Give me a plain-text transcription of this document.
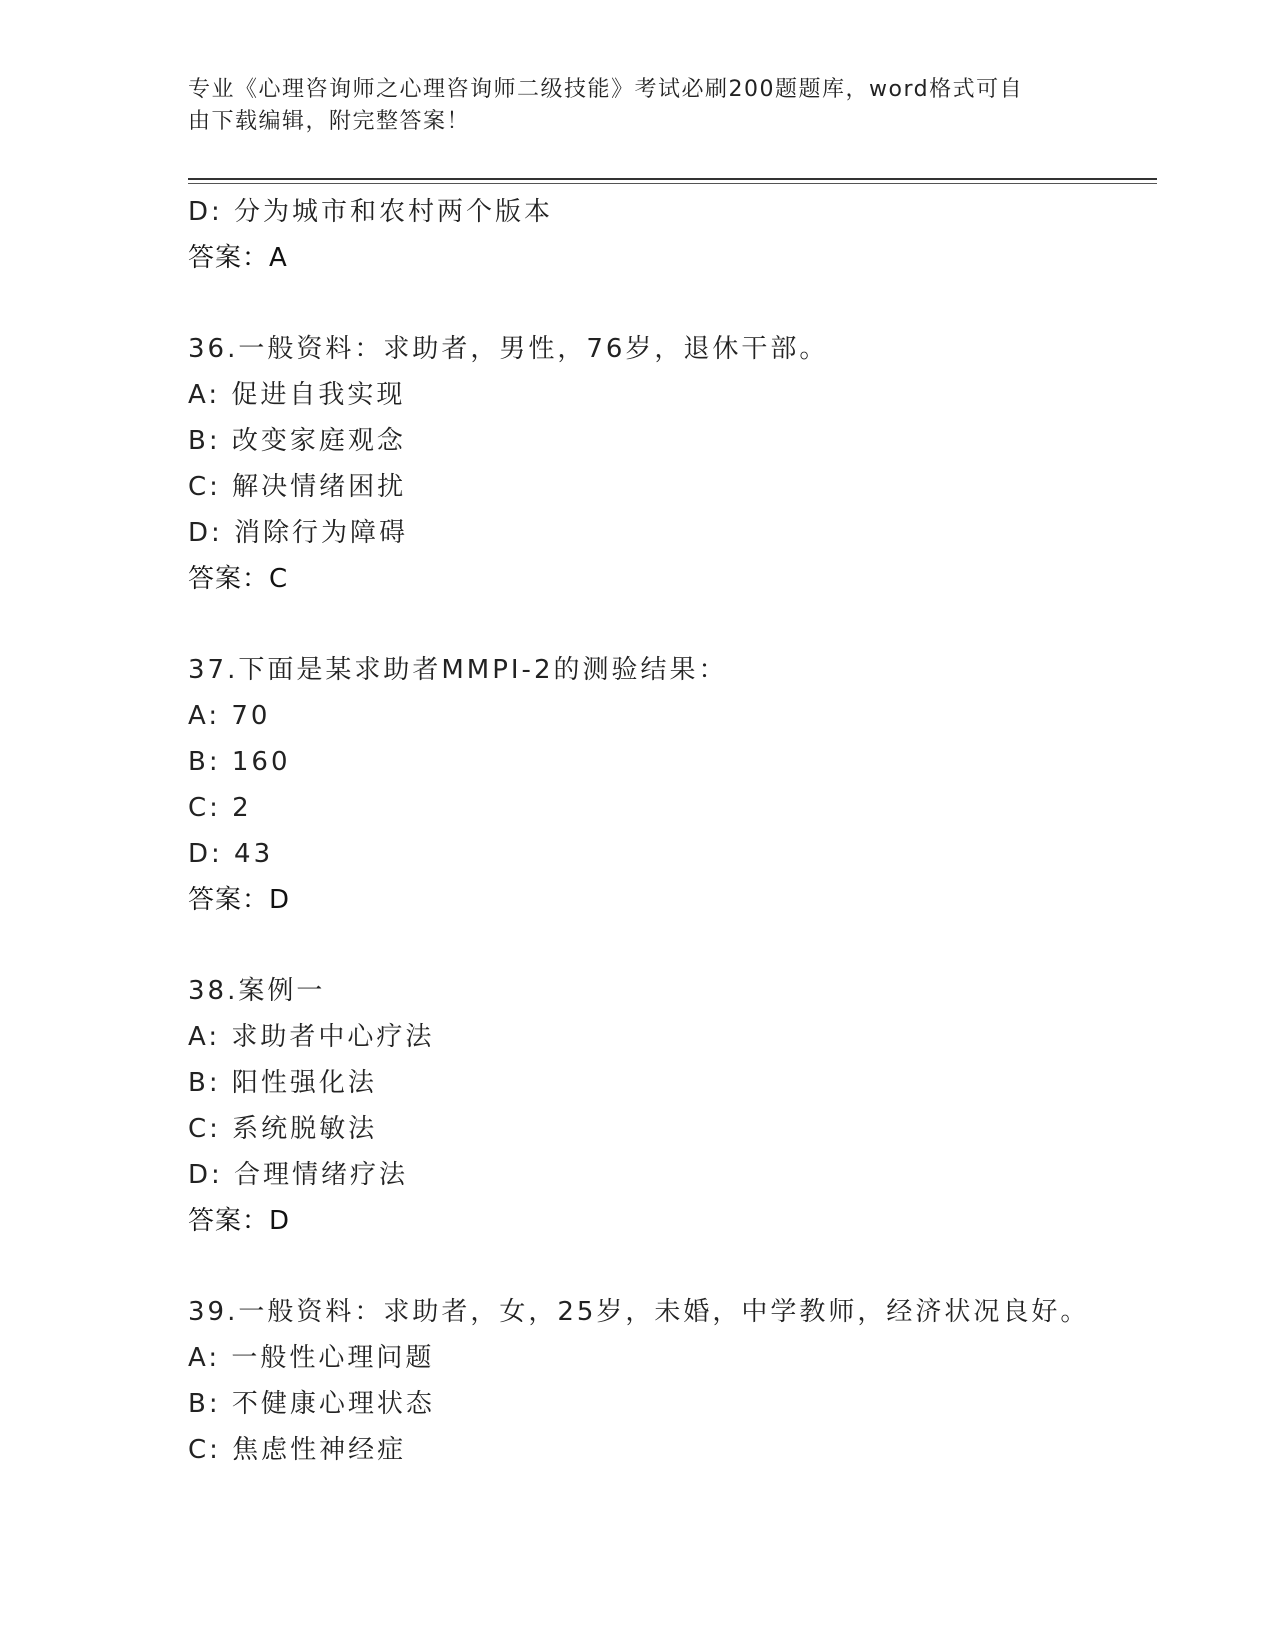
专业《心理咨询师之心理咨询师二级技能》考试必刷200题题库，word格式可自
由下载编辑，附完整答案！
D: 分为城市和农村两个版本
答案：A
36.一般资料：求助者，男性，76岁，退休干部。
A: 促进自我实现
B: 改变家庭观念
C: 解决情绪困扰
D: 消除行为障碍
答案：C
37.下面是某求助者MMPI-2的测验结果：
A: 70
B: 160
C: 2
D: 43
答案：D
38.案例一
A: 求助者中心疗法
B: 阳性强化法
C: 系统脱敏法
D: 合理情绪疗法
答案：D
39.一般资料：求助者，女，25岁，未婚，中学教师，经济状况良好。
A: 一般性心理问题
B: 不健康心理状态
C: 焦虑性神经症
